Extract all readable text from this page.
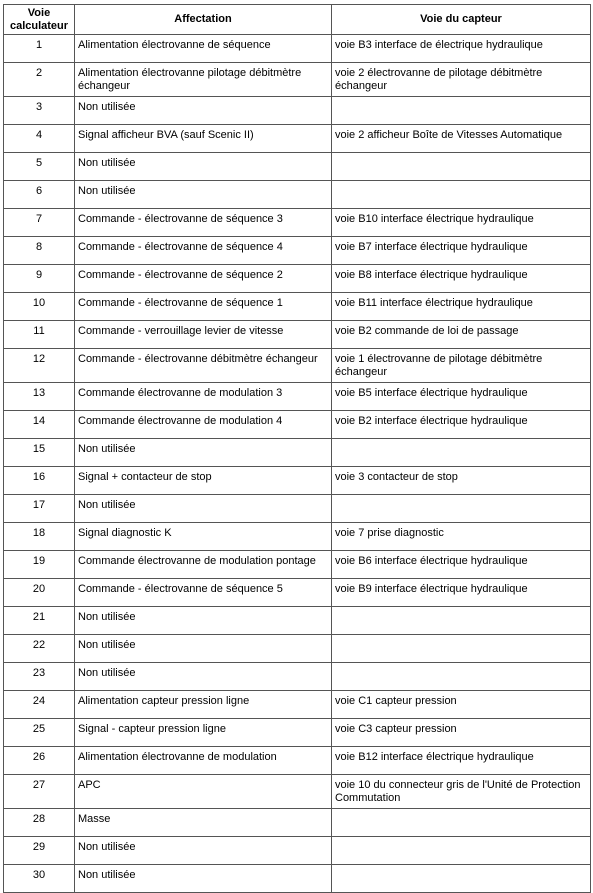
Voie calculateur	Affectation	Voie du capteur
1	Alimentation électrovanne de séquence	voie B3 interface de électrique hydraulique
2	Alimentation électrovanne pilotage débitmètre échangeur	voie 2 électrovanne de pilotage débitmètre échangeur
3	Non utilisée	
4	Signal afficheur BVA (sauf Scenic II)	voie 2 afficheur Boîte de Vitesses Automatique
5	Non utilisée	
6	Non utilisée	
7	Commande - électrovanne de séquence 3	voie B10 interface électrique hydraulique
8	Commande - électrovanne de séquence 4	voie B7 interface électrique hydraulique
9	Commande - électrovanne de séquence 2	voie B8 interface électrique hydraulique
10	Commande - électrovanne de séquence 1	voie B11 interface électrique hydraulique
11	Commande - verrouillage levier de vitesse	voie B2 commande de loi de passage
12	Commande - électrovanne débitmètre échangeur	voie 1 électrovanne de pilotage débitmètre échangeur
13	Commande électrovanne de modulation 3	voie B5 interface électrique hydraulique
14	Commande électrovanne de modulation 4	voie B2 interface électrique hydraulique
15	Non utilisée	
16	Signal + contacteur de stop	voie 3 contacteur de stop
17	Non utilisée	
18	Signal diagnostic K	voie 7 prise diagnostic
19	Commande électrovanne de modulation pontage	voie B6 interface électrique hydraulique
20	Commande - électrovanne de séquence 5	voie B9 interface électrique hydraulique
21	Non utilisée	
22	Non utilisée	
23	Non utilisée	
24	Alimentation capteur pression ligne	voie C1 capteur pression
25	Signal - capteur pression ligne	voie C3 capteur pression
26	Alimentation électrovanne de modulation	voie B12 interface électrique hydraulique
27	APC	voie 10 du connecteur gris de l'Unité de Protection Commutation
28	Masse	
29	Non utilisée	
30	Non utilisée	
